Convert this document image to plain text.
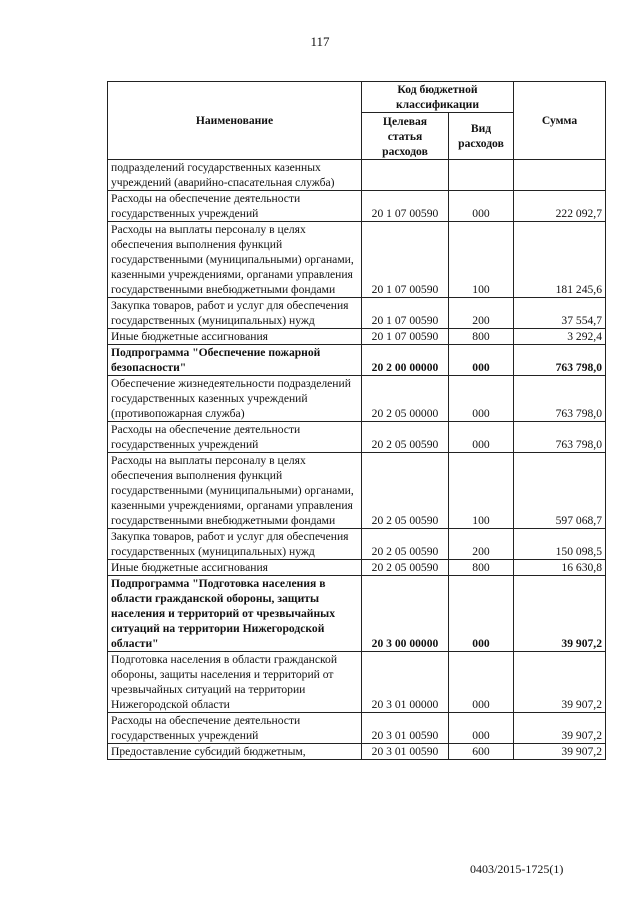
117
Наименование	Код бюджетной классификации		Сумма
	Целевая статья расходов	Вид расходов	
подразделений государственных казенных учреждений (аварийно-спасательная служба)			
Расходы на обеспечение деятельности государственных учреждений	20 1 07 00590	000	222 092,7
Расходы на выплаты персоналу в целях обеспечения выполнения функций государственными (муниципальными) органами, казенными учреждениями, органами управления государственными внебюджетными фондами	20 1 07 00590	100	181 245,6
Закупка товаров, работ и услуг для обеспечения государственных (муниципальных) нужд	20 1 07 00590	200	37 554,7
Иные бюджетные ассигнования	20 1 07 00590	800	3 292,4
Подпрограмма "Обеспечение пожарной безопасности"	20 2 00 00000	000	763 798,0
Обеспечение жизнедеятельности подразделений государственных казенных учреждений (противопожарная служба)	20 2 05 00000	000	763 798,0
Расходы на обеспечение деятельности государственных учреждений	20 2 05 00590	000	763 798,0
Расходы на выплаты персоналу в целях обеспечения выполнения функций государственными (муниципальными) органами, казенными учреждениями, органами управления государственными внебюджетными фондами	20 2 05 00590	100	597 068,7
Закупка товаров, работ и услуг для обеспечения государственных (муниципальных) нужд	20 2 05 00590	200	150 098,5
Иные бюджетные ассигнования	20 2 05 00590	800	16 630,8
Подпрограмма "Подготовка населения в области гражданской обороны, защиты населения и территорий от чрезвычайных ситуаций на территории Нижегородской области"	20 3 00 00000	000	39 907,2
Подготовка населения в области гражданской обороны, защиты населения и территорий от чрезвычайных ситуаций на территории Нижегородской области	20 3 01 00000	000	39 907,2
Расходы на обеспечение деятельности государственных учреждений	20 3 01 00590	000	39 907,2
Предоставление субсидий бюджетным,	20 3 01 00590	600	39 907,2
0403/2015-1725(1)
